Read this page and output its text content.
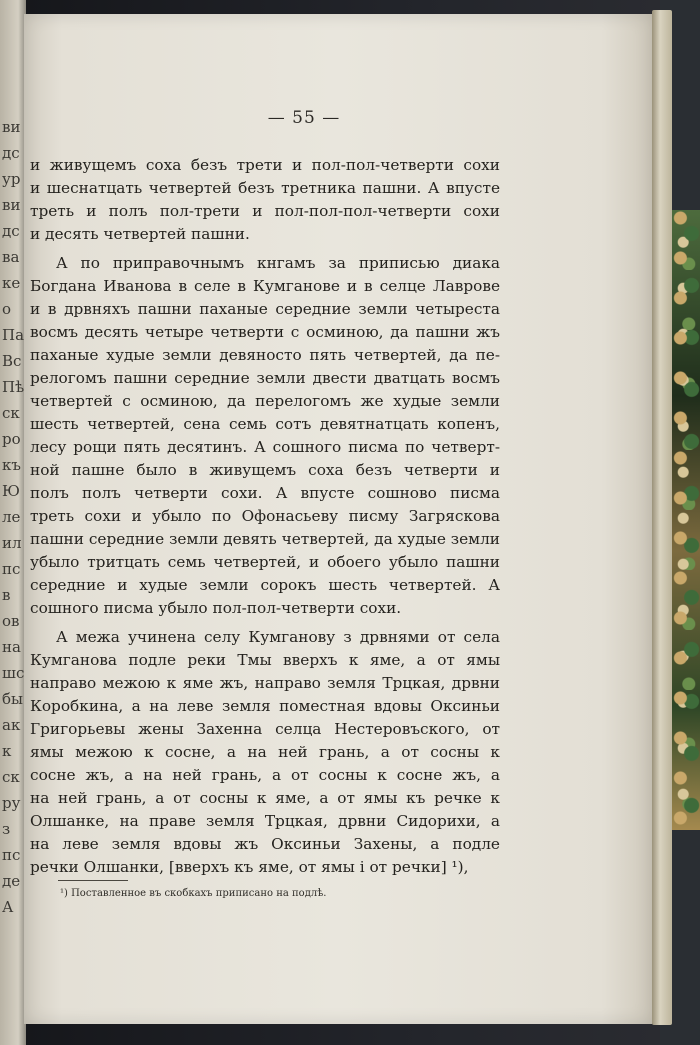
ви
дс
ур
ви
дс
ва
ке
о
Па
Вс
Пѣ
ск
ро
къ
Ю
ле
ил
пс
в
ов
на
шс
бы
ак
к
ск
ру
з
пс
де
А
— 55 —
и живущемъ соха безъ трети и пол-пол-четверти сохи
и шеснатцать четвертей безъ третника пашни. А впусте
треть и полъ пол-трети и пол-пол-пол-четверти сохи
и десять четвертей пашни.
А по приправочнымъ кнгамъ за приписью диака
Богдана Иванова в селе в Кумганове и в селце Лаврове
и в дрвняхъ пашни паханые середние земли четыреста
восмъ десять четыре четверти с осминою, да пашни жъ
паханые худые земли девяносто пять четвертей, да пе-
релогомъ пашни середние земли двести дватцать восмъ
четвертей с осминою, да перелогомъ же худые земли
шесть четвертей, сена семь сотъ девятнатцать копенъ,
лесу рощи пять десятинъ. А сошного писма по четверт-
ной пашне было в живущемъ соха безъ четверти и
полъ полъ четверти сохи. А впусте сошново писма
треть сохи и убыло по Офонасьеву писму Загряскова
пашни середние земли девять четвертей, да худые земли
убыло тритцать семь четвертей, и обоего убыло пашни
середние и худые земли сорокъ шесть четвертей. А
сошного писма убыло пол-пол-четверти сохи.
А межа учинена селу Кумганову з дрвнями от села
Кумганова подле реки Тмы вверхъ к яме, а от ямы
направо межою к яме жъ, направо земля Трцкая, дрвни
Коробкина, а на леве земля поместная вдовы Оксиньи
Григорьевы жены Захенна селца Нестеровъского, от
ямы межою к сосне, а на ней грань, а от сосны к
сосне жъ, а на ней грань, а от сосны к сосне жъ, а
на ней грань, а от сосны к яме, а от ямы къ речке к
Олшанке, на праве земля Трцкая, дрвни Сидорихи, а
на леве земля вдовы жъ Оксиньи Захены, а подле
речки Олшанки, [вверхъ къ яме, от ямы і от речки] ¹),
¹) Поставленное въ скобкахъ приписано на подлѣ.
